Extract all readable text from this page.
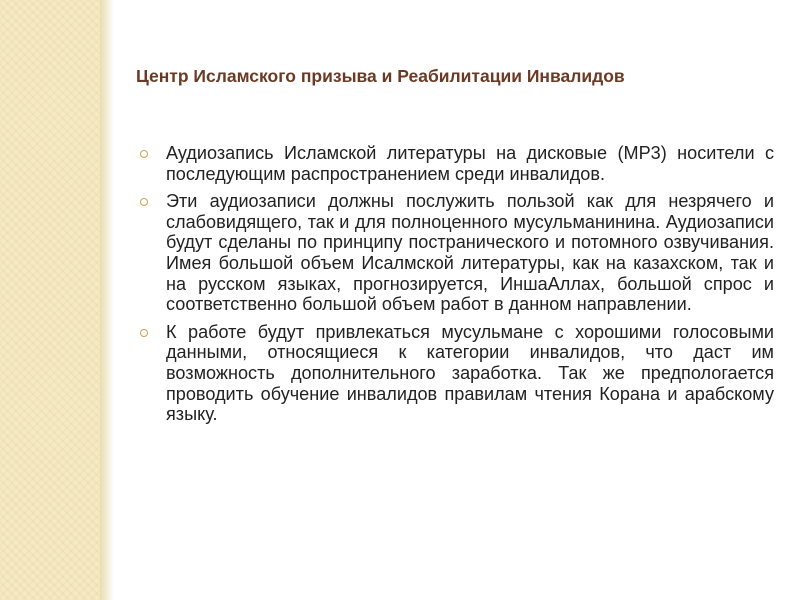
Центр Исламского призыва и Реабилитации Инвалидов
Аудиозапись Исламской литературы на дисковые (МР3) носители с последующим распространением среди инвалидов.
Эти аудиозаписи должны послужить пользой как для незрячего и слабовидящего, так и для полноценного мусульманинина. Аудиозаписи будут сделаны по принципу постранического и потомного озвучивания. Имея большой объем Исалмской литературы, как на казахском, так и на русском языках, прогнозируется, ИншаАллах, большой спрос и соответственно большой объем работ в данном направлении.
К работе будут привлекаться мусульмане с хорошими голосовыми данными, относящиеся к категории инвалидов, что даст им возможность дополнительного заработка. Так же предпологается проводить обучение инвалидов правилам чтения Корана и арабскому языку.
